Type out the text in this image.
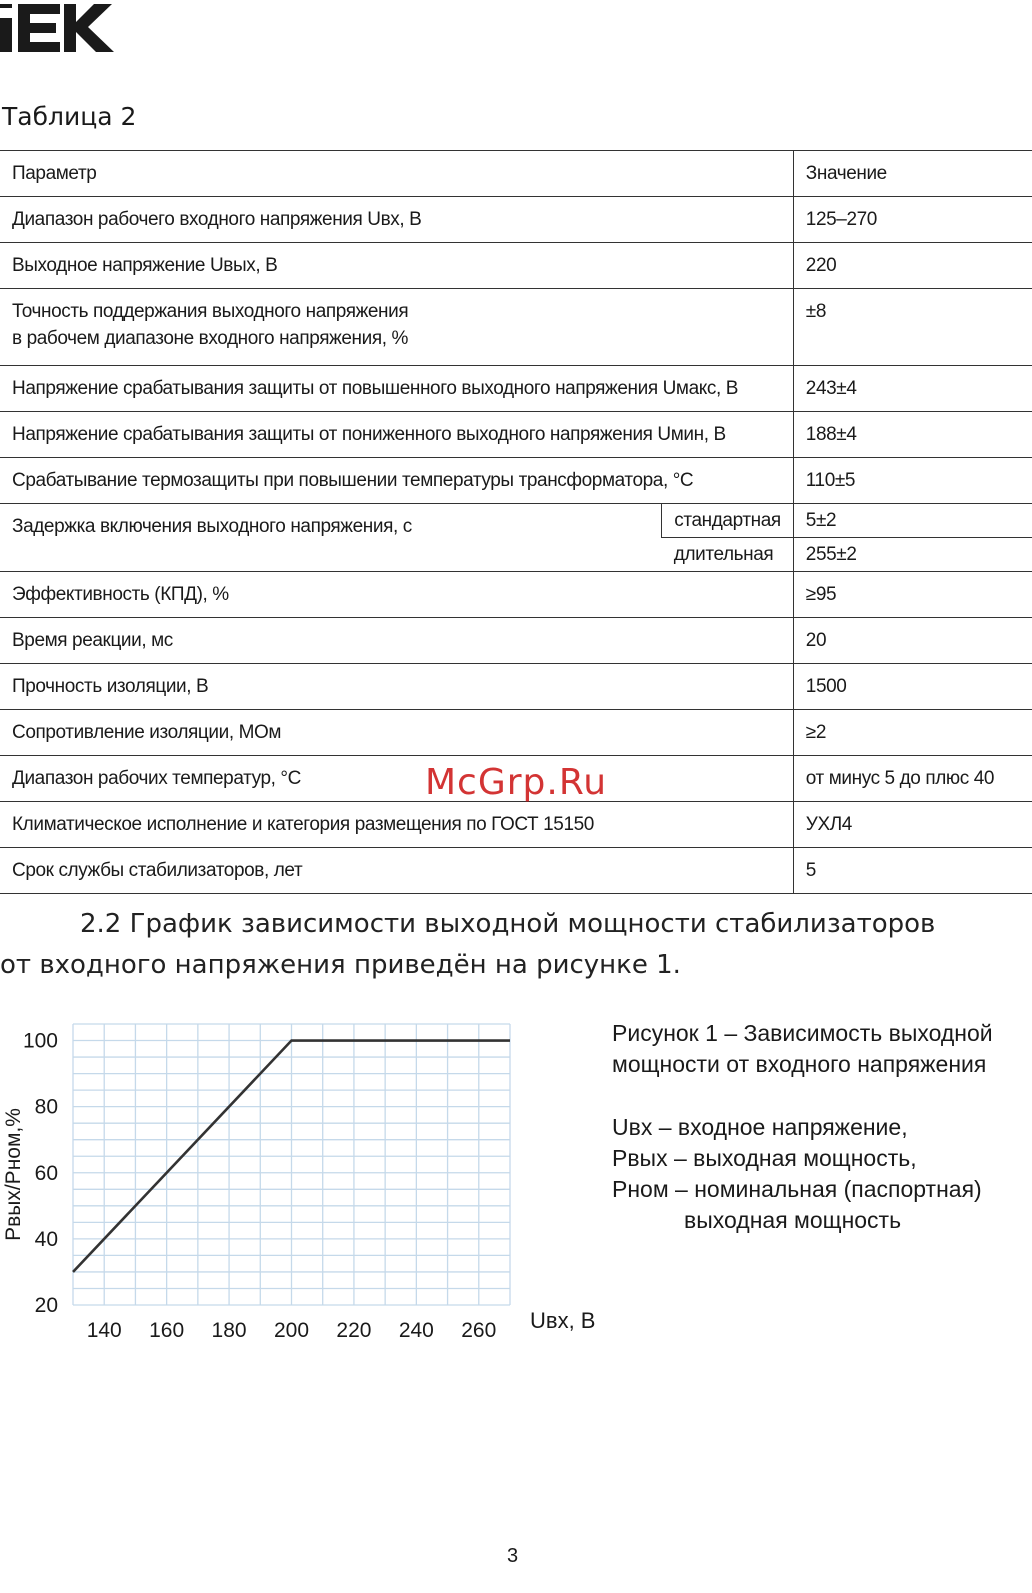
Таблица 2
Параметр		Значение
Диапазон рабочего входного напряжения Uвх, В		125–270
Выходное напряжение Uвых, В		220
Точность поддержания выходного напряжения
в рабочем диапазоне входного напряжения, %		±8
Напряжение срабатывания защиты от повышенного выходного напряжения Uмакс, В		243±4
Напряжение срабатывания защиты от пониженного выходного напряжения Uмин, В		188±4
Срабатывание термозащиты при повышении температуры трансформатора, °С		110±5
Задержка включения выходного напряжения, с	стандартная	5±2
	длительная	255±2
Эффективность (КПД), %		≥95
Время реакции, мс		20
Прочность изоляции, В		1500
Сопротивление изоляции, МОм		≥2
Диапазон рабочих температур, °С		от минус 5 до плюс 40
Климатическое исполнение и категория размещения по ГОСТ 15150		УХЛ4
Срок службы стабилизаторов, лет		5
McGrp.Ru
2.2 График зависимости выходной мощности стабилизаторов
от входного напряжения приведён на рисунке 1.
140 160 180 200 220 240 260
20
40
60
80
100
Uвх, В
Pвых/Pном,%
Рисунок 1 – Зависимость выходной
мощности от входного напряжения
Uвх – входное напряжение,
Pвых – выходная мощность,
Pном – номинальная (паспортная)
выходная мощность
3
